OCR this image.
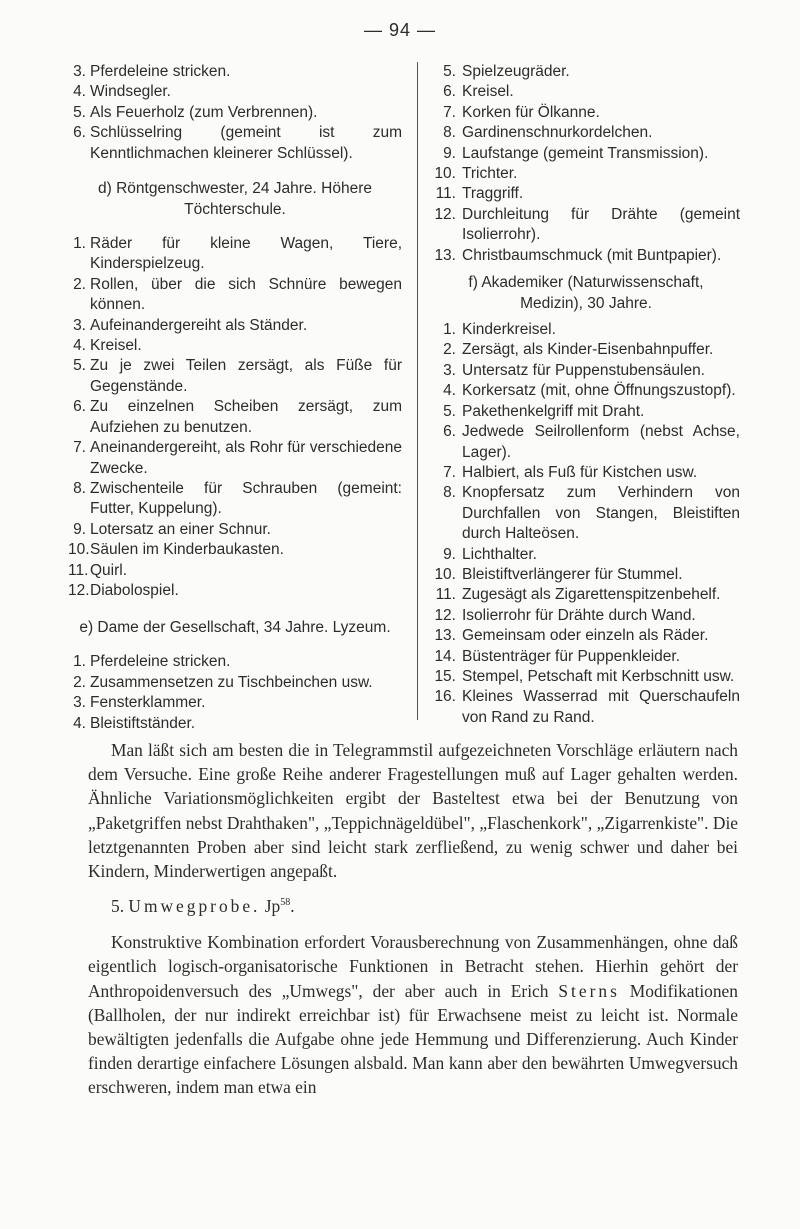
— 94 —
3. Pferdeleine stricken.
4. Windsegler.
5. Als Feuerholz (zum Verbrennen).
6. Schlüsselring (gemeint ist zum Kenntlichmachen kleinerer Schlüssel).
d) Röntgenschwester, 24 Jahre. Höhere Töchterschule.
1. Räder für kleine Wagen, Tiere, Kinderspielzeug.
2. Rollen, über die sich Schnüre bewegen können.
3. Aufeinandergereiht als Ständer.
4. Kreisel.
5. Zu je zwei Teilen zersägt, als Füße für Gegenstände.
6. Zu einzelnen Scheiben zersägt, zum Aufziehen zu benutzen.
7. Aneinandergereiht, als Rohr für verschiedene Zwecke.
8. Zwischenteile für Schrauben (gemeint: Futter, Kuppelung).
9. Lotersatz an einer Schnur.
10. Säulen im Kinderbaukasten.
11. Quirl.
12. Diabolospiel.
e) Dame der Gesellschaft, 34 Jahre. Lyzeum.
1. Pferdeleine stricken.
2. Zusammensetzen zu Tischbeinchen usw.
3. Fensterklammer.
4. Bleistiftständer.
5. Spielzeugräder.
6. Kreisel.
7. Korken für Ölkanne.
8. Gardinenschnurkordelchen.
9. Laufstange (gemeint Transmission).
10. Trichter.
11. Traggriff.
12. Durchleitung für Drähte (gemeint Isolierrohr).
13. Christbaumschmuck (mit Buntpapier).
f) Akademiker (Naturwissenschaft, Medizin), 30 Jahre.
1. Kinderkreisel.
2. Zersägt, als Kinder-Eisenbahnpuffer.
3. Untersatz für Puppenstubensäulen.
4. Korkersatz (mit, ohne Öffnungszustopf).
5. Pakethenkelgriff mit Draht.
6. Jedwede Seilrollenform (nebst Achse, Lager).
7. Halbiert, als Fuß für Kistchen usw.
8. Knopfersatz zum Verhindern von Durchfallen von Stangen, Bleistiften durch Halteösen.
9. Lichthalter.
10. Bleistiftverlängerer für Stummel.
11. Zugesägt als Zigarettenspitzenbehelf.
12. Isolierrohr für Drähte durch Wand.
13. Gemeinsam oder einzeln als Räder.
14. Büstenträger für Puppenkleider.
15. Stempel, Petschaft mit Kerbschnitt usw.
16. Kleines Wasserrad mit Querschaufeln von Rand zu Rand.

Man läßt sich am besten die in Telegrammstil aufgezeichneten Vorschläge erläutern nach dem Versuche. Eine große Reihe anderer Fragestellungen muß auf Lager gehalten werden. Ähnliche Variationsmöglichkeiten ergibt der Basteltest etwa bei der Benutzung von „Paketgriffen nebst Drahthaken", „Teppichnägeldübel", „Flaschenkork", „Zigarrenkiste". Die letztgenannten Proben aber sind leicht stark zerfließend, zu wenig schwer und daher bei Kindern, Minderwertigen angepaßt.

5. Umwegprobe. Jp$^{58}$.

Konstruktive Kombination erfordert Vorausberechnung von Zusammenhängen, ohne daß eigentlich logisch-organisatorische Funktionen in Betracht stehen. Hierhin gehört der Anthropoidenversuch des „Umwegs", der aber auch in Erich Sterns Modifikationen (Ballholen, der nur indirekt erreichbar ist) für Erwachsene meist zu leicht ist. Normale bewältigten jedenfalls die Aufgabe ohne jede Hemmung und Differenzierung. Auch Kinder finden derartige einfachere Lösungen alsbald. Man kann aber den bewährten Umwegversuch erschweren, indem man etwa ein
